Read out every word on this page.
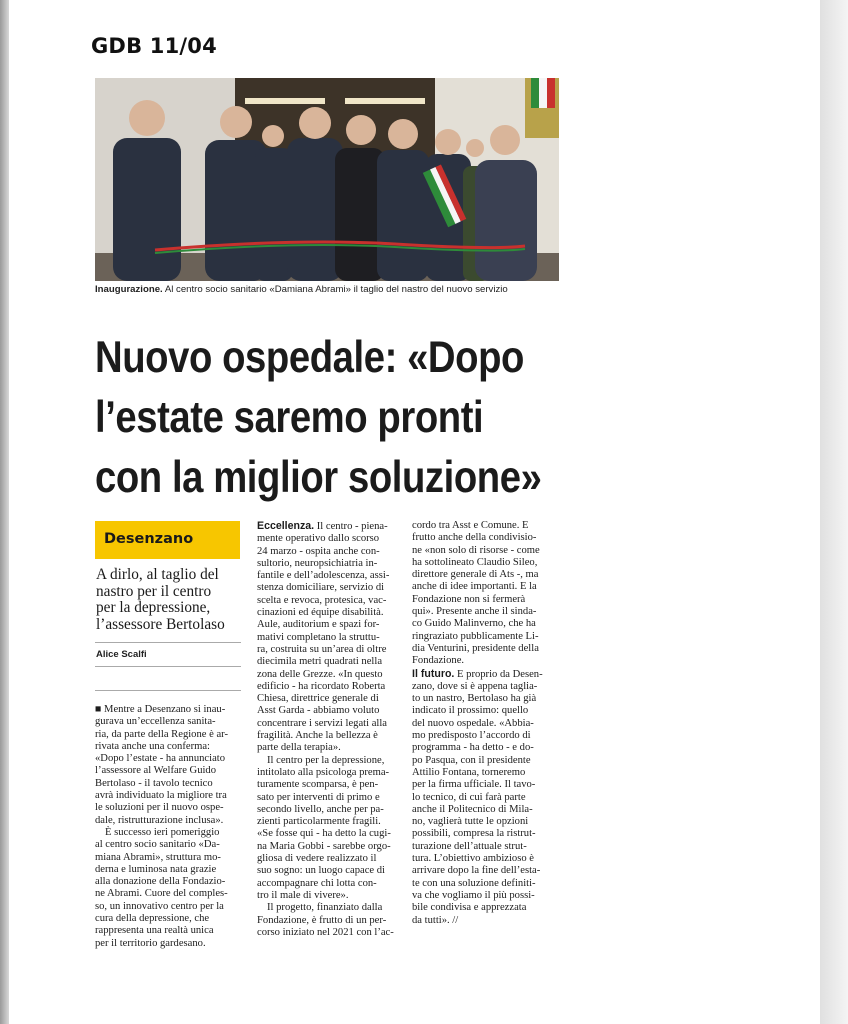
GDB 11/04
Inaugurazione. Al centro socio sanitario «Damiana Abrami» il taglio del nastro del nuovo servizio
Nuovo ospedale: «Dopo
l’estate saremo pronti
con la miglior soluzione»
Desenzano
A dirlo, al taglio del
nastro per il centro
per la depressione,
l’assessore Bertolaso
Alice Scalfi
■ Mentre a Desenzano si inau-
gurava un’eccellenza sanita-
ria, da parte della Regione è ar-
rivata anche una conferma:
«Dopo l’estate - ha annunciato
l’assessore al Welfare Guido
Bertolaso - il tavolo tecnico
avrà individuato la migliore tra
le soluzioni per il nuovo ospe-
dale, ristrutturazione inclusa».
È successo ieri pomeriggio
al centro socio sanitario «Da-
miana Abrami», struttura mo-
derna e luminosa nata grazie
alla donazione della Fondazio-
ne Abrami. Cuore del comples-
so, un innovativo centro per la
cura della depressione, che
rappresenta una realtà unica
per il territorio gardesano.
Eccellenza. Il centro - piena-
mente operativo dallo scorso
24 marzo - ospita anche con-
sultorio, neuropsichiatria in-
fantile e dell’adolescenza, assi-
stenza domiciliare, servizio di
scelta e revoca, protesica, vac-
cinazioni ed équipe disabilità.
Aule, auditorium e spazi for-
mativi completano la struttu-
ra, costruita su un’area di oltre
diecimila metri quadrati nella
zona delle Grezze. «In questo
edificio - ha ricordato Roberta
Chiesa, direttrice generale di
Asst Garda - abbiamo voluto
concentrare i servizi legati alla
fragilità. Anche la bellezza è
parte della terapia».
Il centro per la depressione,
intitolato alla psicologa prema-
turamente scomparsa, è pen-
sato per interventi di primo e
secondo livello, anche per pa-
zienti particolarmente fragili.
«Se fosse qui - ha detto la cugi-
na Maria Gobbi - sarebbe orgo-
gliosa di vedere realizzato il
suo sogno: un luogo capace di
accompagnare chi lotta con-
tro il male di vivere».
Il progetto, finanziato dalla
Fondazione, è frutto di un per-
corso iniziato nel 2021 con l’ac-
cordo tra Asst e Comune. E
frutto anche della condivisio-
ne «non solo di risorse - come
ha sottolineato Claudio Sileo,
direttore generale di Ats -, ma
anche di idee importanti. E la
Fondazione non si fermerà
qui». Presente anche il sinda-
co Guido Malinverno, che ha
ringraziato pubblicamente Li-
dia Venturini, presidente della
Fondazione.
Il futuro. E proprio da Desen-
zano, dove si è appena taglia-
to un nastro, Bertolaso ha già
indicato il prossimo: quello
del nuovo ospedale. «Abbia-
mo predisposto l’accordo di
programma - ha detto - e do-
po Pasqua, con il presidente
Attilio Fontana, torneremo
per la firma ufficiale. Il tavo-
lo tecnico, di cui farà parte
anche il Politecnico di Mila-
no, vaglierà tutte le opzioni
possibili, compresa la ristrut-
turazione dell’attuale strut-
tura. L’obiettivo ambizioso è
arrivare dopo la fine dell’esta-
te con una soluzione definiti-
va che vogliamo il più possi-
bile condivisa e apprezzata
da tutti». //
